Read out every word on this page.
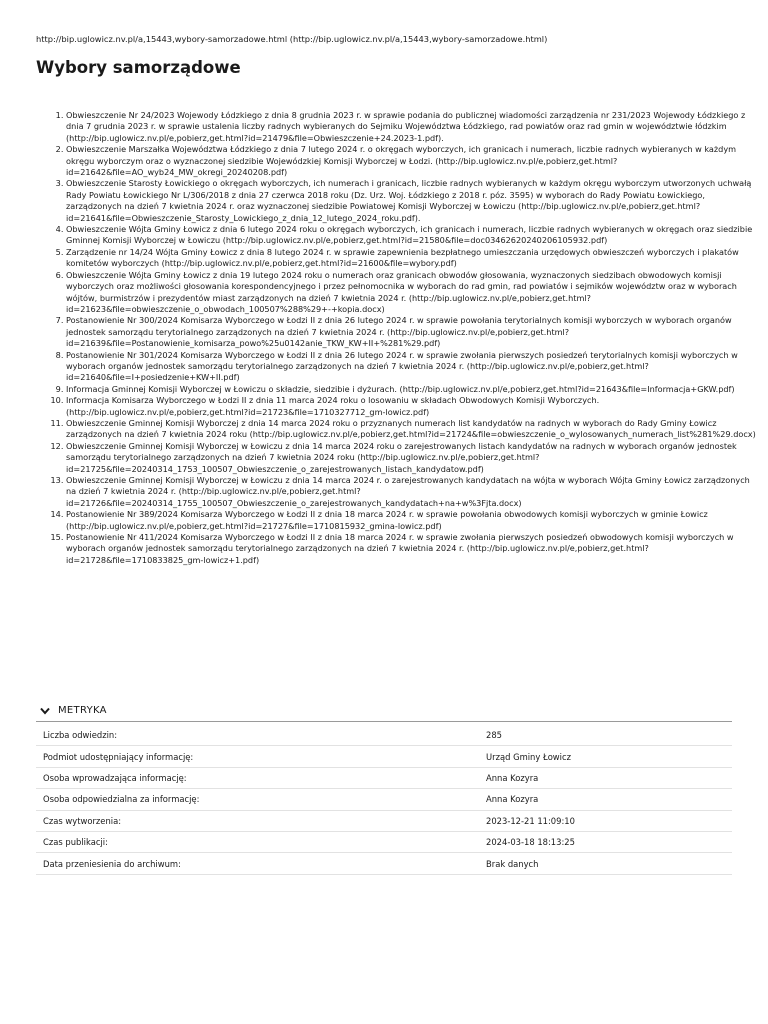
http://bip.uglowicz.nv.pl/a,15443,wybory-samorzadowe.html (http://bip.uglowicz.nv.pl/a,15443,wybory-samorzadowe.html)
Wybory samorządowe
1. Obwieszczenie Nr 24/2023 Wojewody Łódzkiego z dnia 8 grudnia 2023 r. w sprawie podania do publicznej wiadomości zarządzenia nr 231/2023 Wojewody Łódzkiego z dnia 7 grudnia 2023 r. w sprawie ustalenia liczby radnych wybieranych do Sejmiku Województwa Łódzkiego, rad powiatów oraz rad gmin w województwie łódzkim (http://bip.uglowicz.nv.pl/e,pobierz,get.html?id=21479&file=Obwieszczenie+24.2023-1.pdf).
2. Obwieszczenie Marszałka Województwa Łódzkiego z dnia 7 lutego 2024 r. o okręgach wyborczych, ich granicach i numerach, liczbie radnych wybieranych w każdym okręgu wyborczym oraz o wyznaczonej siedzibie Wojewódzkiej Komisji Wyborczej w Łodzi. (http://bip.uglowicz.nv.pl/e,pobierz,get.html?id=21642&file=AO_wyb24_MW_okregi_20240208.pdf)
3. Obwieszczenie Starosty Łowickiego o okręgach wyborczych, ich numerach i granicach, liczbie radnych wybieranych w każdym okręgu wyborczym utworzonych uchwałą Rady Powiatu Łowickiego Nr L/306/2018 z dnia 27 czerwca 2018 roku (Dz. Urz. Woj. Łódzkiego z 2018 r. póz. 3595) w wyborach do Rady Powiatu Łowickiego, zarządzonych na dzień 7 kwietnia 2024 r. oraz wyznaczonej siedzibie Powiatowej Komisji Wyborczej w Łowiczu (http://bip.uglowicz.nv.pl/e,pobierz,get.html?id=21641&file=Obwieszczenie_Starosty_Lowickiego_z_dnia_12_lutego_2024_roku.pdf).
4. Obwieszczenie Wójta Gminy Łowicz z dnia 6 lutego 2024 roku o okręgach wyborczych, ich granicach i numerach, liczbie radnych wybieranych w okręgach oraz siedzibie Gminnej Komisji Wyborczej w Łowiczu (http://bip.uglowicz.nv.pl/e,pobierz,get.html?id=21580&file=doc03462620240206105932.pdf)
5. Zarządzenie nr 14/24 Wójta Gminy Łowicz z dnia 8 lutego 2024 r. w sprawie zapewnienia bezpłatnego umieszczania urzędowych obwieszczeń wyborczych i plakatów komitetów wyborczych (http://bip.uglowicz.nv.pl/e,pobierz,get.html?id=21600&file=wybory.pdf)
6. Obwieszczenie Wójta Gminy Łowicz z dnia 19 lutego 2024 roku o numerach oraz granicach obwodów głosowania, wyznaczonych siedzibach obwodowych komisji wyborczych oraz możliwości głosowania korespondencyjnego i przez pełnomocnika w wyborach do rad gmin, rad powiatów i sejmików województw oraz w wyborach wójtów, burmistrzów i prezydentów miast zarządzonych na dzień 7 kwietnia 2024 r. (http://bip.uglowicz.nv.pl/e,pobierz,get.html?id=21623&file=obwieszczenie_o_obwodach_100507%288%29+-+kopia.docx)
7. Postanowienie Nr 300/2024 Komisarza Wyborczego w Łodzi II z dnia 26 lutego 2024 r. w sprawie powołania terytorialnych komisji wyborczych w wyborach organów jednostek samorządu terytorialnego zarządzonych na dzień 7 kwietnia 2024 r. (http://bip.uglowicz.nv.pl/e,pobierz,get.html?id=21639&file=Postanowienie_komisarza_powo%25u0142anie_TKW_KW+II+%281%29.pdf)
8. Postanowienie Nr 301/2024 Komisarza Wyborczego w Łodzi II z dnia 26 lutego 2024 r. w sprawie zwołania pierwszych posiedzeń terytorialnych komisji wyborczych w wyborach organów jednostek samorządu terytorialnego zarządzonych na dzień 7 kwietnia 2024 r. (http://bip.uglowicz.nv.pl/e,pobierz,get.html?id=21640&file=I+posiedzenie+KW+II.pdf)
9. Informacja Gminnej Komisji Wyborczej w Łowiczu o składzie, siedzibie i dyżurach. (http://bip.uglowicz.nv.pl/e,pobierz,get.html?id=21643&file=Informacja+GKW.pdf)
10. Informacja Komisarza Wyborczego w Łodzi II z dnia 11 marca 2024 roku o losowaniu w składach Obwodowych Komisji Wyborczych. (http://bip.uglowicz.nv.pl/e,pobierz,get.html?id=21723&file=1710327712_gm-lowicz.pdf)
11. Obwieszczenie Gminnej Komisji Wyborczej z dnia 14 marca 2024 roku o przyznanych numerach list kandydatów na radnych w wyborach do Rady Gminy Łowicz zarządzonych na dzień 7 kwietnia 2024 roku (http://bip.uglowicz.nv.pl/e,pobierz,get.html?id=21724&file=obwieszczenie_o_wylosowanych_numerach_list%281%29.docx)
12. Obwieszczenie Gminnej Komisji Wyborczej w Łowiczu z dnia 14 marca 2024 roku o zarejestrowanych listach kandydatów na radnych w wyborach organów jednostek samorządu terytorialnego zarządzonych na dzień 7 kwietnia 2024 roku (http://bip.uglowicz.nv.pl/e,pobierz,get.html?id=21725&file=20240314_1753_100507_Obwieszczenie_o_zarejestrowanych_listach_kandydatow.pdf)
13. Obwieszczenie Gminnej Komisji Wyborczej w Łowiczu z dnia 14 marca 2024 r. o zarejestrowanych kandydatach na wójta w wyborach Wójta Gminy Łowicz zarządzonych na dzień 7 kwietnia 2024 r. (http://bip.uglowicz.nv.pl/e,pobierz,get.html?id=21726&file=20240314_1755_100507_Obwieszczenie_o_zarejestrowanych_kandydatach+na+w%3Fjta.docx)
14. Postanowienie Nr 389/2024 Komisarza Wyborczego w Łodzi II z dnia 18 marca 2024 r. w sprawie powołania obwodowych komisji wyborczych w gminie Łowicz (http://bip.uglowicz.nv.pl/e,pobierz,get.html?id=21727&file=1710815932_gmina-lowicz.pdf)
15. Postanowienie Nr 411/2024 Komisarza Wyborczego w Łodzi II z dnia 18 marca 2024 r. w sprawie zwołania pierwszych posiedzeń obwodowych komisji wyborczych w wyborach organów jednostek samorządu terytorialnego zarządzonych na dzień 7 kwietnia 2024 r. (http://bip.uglowicz.nv.pl/e,pobierz,get.html?id=21728&file=1710833825_gm-lowicz+1.pdf)
METRYKA
Liczba odwiedzin:	285
Podmiot udostępniający informację:	Urząd Gminy Łowicz
Osoba wprowadzająca informację:	Anna Kozyra
Osoba odpowiedzialna za informację:	Anna Kozyra
Czas wytworzenia:	2023-12-21 11:09:10
Czas publikacji:	2024-03-18 18:13:25
Data przeniesienia do archiwum:	Brak danych
